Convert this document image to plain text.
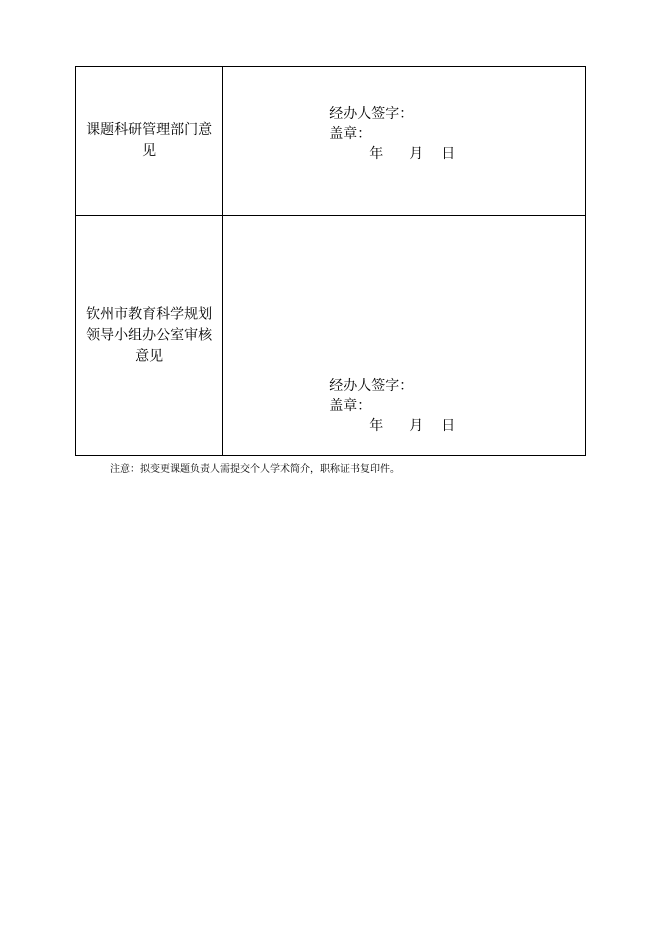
课题科研管理部门意见	经办人签字：
盖章：
年 月 日

钦州市教育科学规划领导小组办公室审核意见	经办人签字：
盖章：
年 月 日
注意：拟变更课题负责人需提交个人学术简介，职称证书复印件。
